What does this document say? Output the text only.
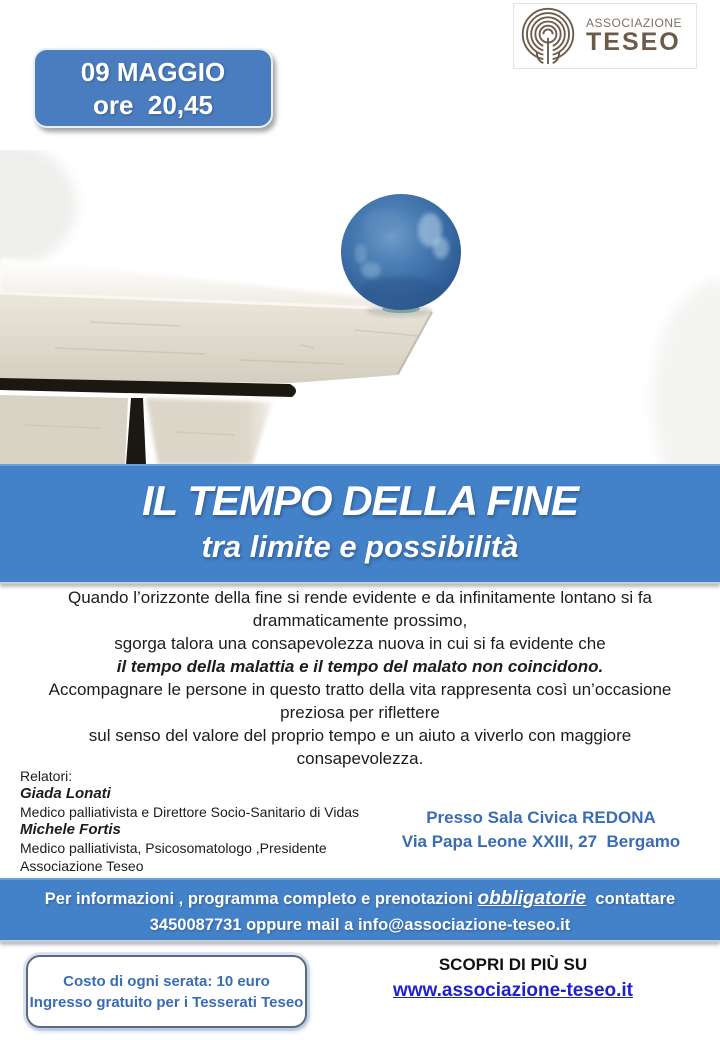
ASSOCIAZIONE
TESEO
09 MAGGIO
ore  20,45
IL TEMPO DELLA FINE
tra limite e possibilità
Quando l’orizzonte della fine si rende evidente e da infinitamente lontano si fa
drammaticamente prossimo,
sgorga talora una consapevolezza nuova in cui si fa evidente che
il tempo della malattia e il tempo del malato non coincidono.
Accompagnare le persone in questo tratto della vita rappresenta così un’occasione
preziosa per riflettere
sul senso del valore del proprio tempo e un aiuto a viverlo con maggiore
consapevolezza.
Relatori:
Giada Lonati
Medico palliativista e Direttore Socio-Sanitario di Vidas
Michele Fortis
Medico palliativista, Psicosomatologo ,Presidente Associazione Teseo
Presso Sala Civica REDONA
Via Papa Leone XXIII, 27  Bergamo
Per informazioni , programma completo e prenotazioni obbligatorie  contattare
3450087731 oppure mail a info@associazione-teseo.it
Costo di ogni serata: 10 euro
Ingresso gratuito per i Tesserati Teseo
SCOPRI DI PIÙ SU
www.associazione-teseo.it
